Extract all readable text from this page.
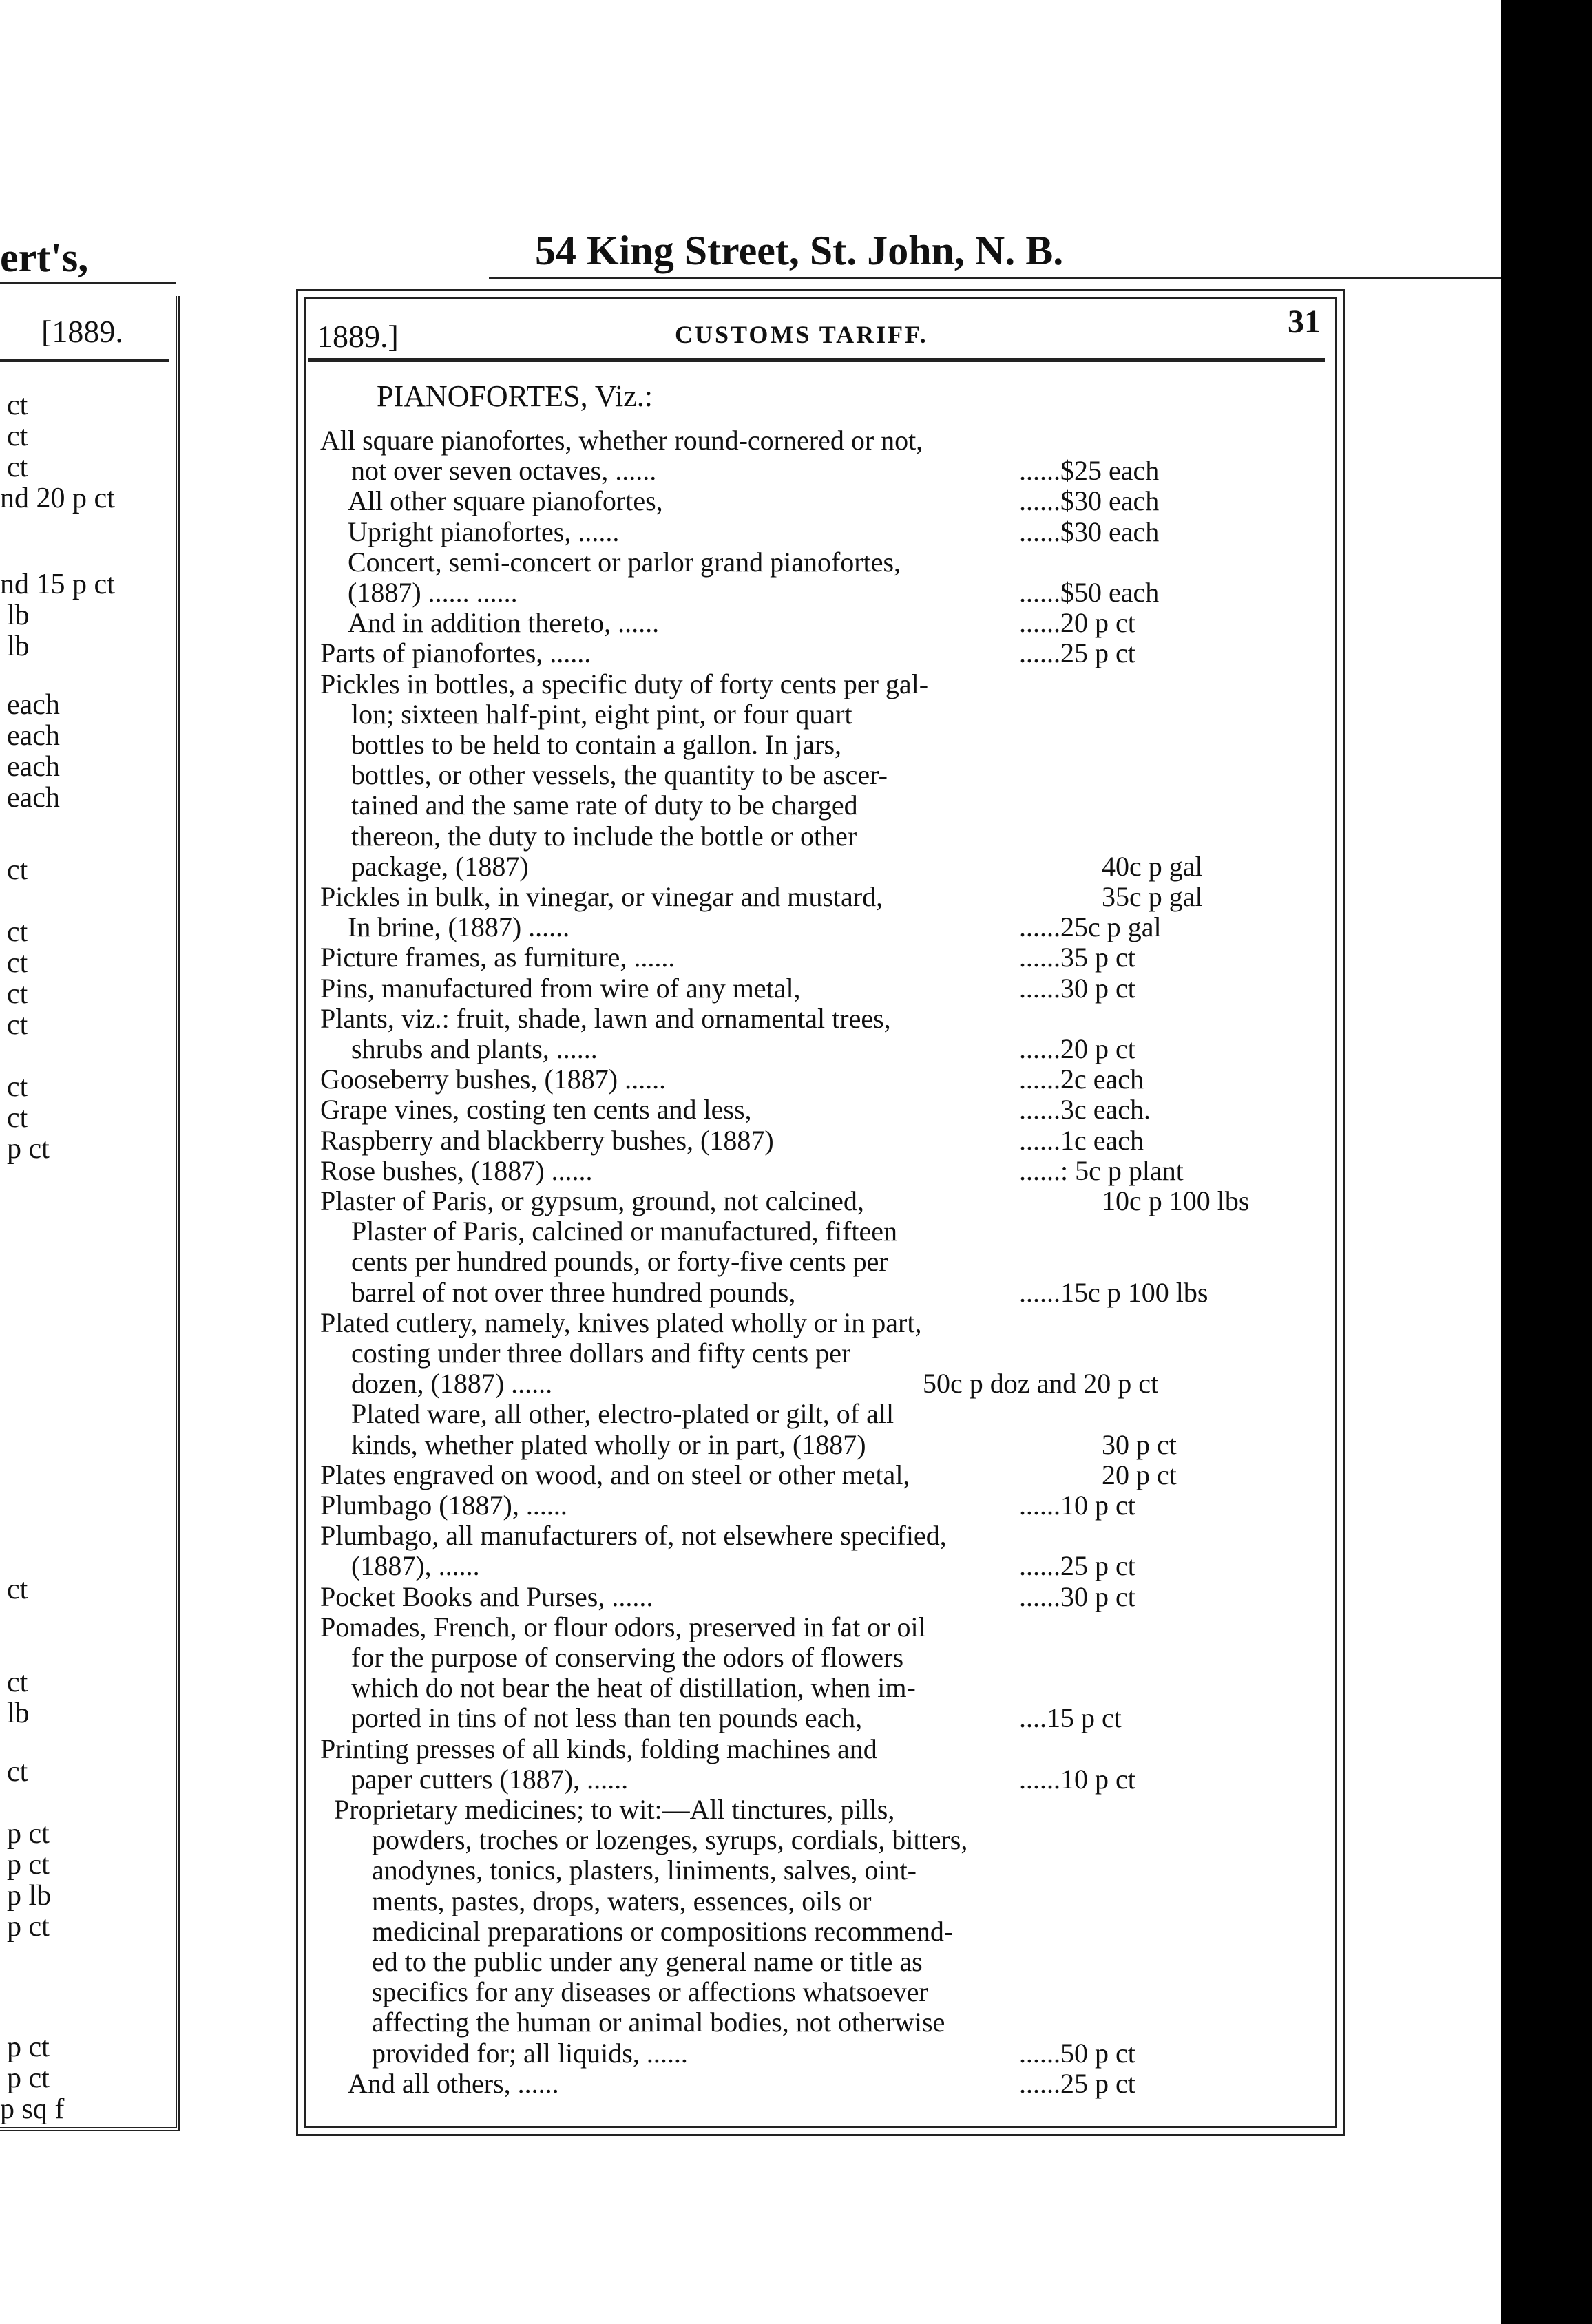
ert's,
[1889.
ct
ct
ct
nd 20 p ct
nd 15 p ct
lb
lb
each
each
each
each
ct
ct
ct
ct
ct
ct
ct
p ct
ct
ct
lb
ct
p ct
p ct
p lb
p ct
p ct
p ct
p sq f
54 King Street, St. John, N. B.
1889.]	CUSTOMS TARIFF.	31
PIANOFORTES, Viz.:
All square pianofortes, whether round-cornered or not,
not over seven octaves, ......	......$25 each
All other square pianofortes,	......$30 each
Upright pianofortes, ......	......$30 each
Concert, semi-concert or parlor grand pianofortes,
(1887) ...... ......	......$50 each
And in addition thereto, ......	......20 p ct
Parts of pianofortes, ......	......25 p ct
Pickles in bottles, a specific duty of forty cents per gal-
lon; sixteen half-pint, eight pint, or four quart
bottles to be held to contain a gallon. In jars,
bottles, or other vessels, the quantity to be ascer-
tained and the same rate of duty to be charged
thereon, the duty to include the bottle or other
package, (1887)	40c p gal
Pickles in bulk, in vinegar, or vinegar and mustard,	35c p gal
In brine, (1887) ......	......25c p gal
Picture frames, as furniture, ......	......35 p ct
Pins, manufactured from wire of any metal,	......30 p ct
Plants, viz.: fruit, shade, lawn and ornamental trees,
shrubs and plants, ......	......20 p ct
Gooseberry bushes, (1887) ......	......2c each
Grape vines, costing ten cents and less,	......3c each.
Raspberry and blackberry bushes, (1887)	......1c each
Rose bushes, (1887) ......	......: 5c p plant
Plaster of Paris, or gypsum, ground, not calcined,	10c p 100 lbs
Plaster of Paris, calcined or manufactured, fifteen
cents per hundred pounds, or forty-five cents per
barrel of not over three hundred pounds,	......15c p 100 lbs
Plated cutlery, namely, knives plated wholly or in part,
costing under three dollars and fifty cents per
dozen, (1887) ......	50c p doz and 20 p ct
Plated ware, all other, electro-plated or gilt, of all
kinds, whether plated wholly or in part, (1887)	30 p ct
Plates engraved on wood, and on steel or other metal,	20 p ct
Plumbago (1887), ......	......10 p ct
Plumbago, all manufacturers of, not elsewhere specified,
(1887), ......	......25 p ct
Pocket Books and Purses, ......	......30 p ct
Pomades, French, or flour odors, preserved in fat or oil
for the purpose of conserving the odors of flowers
which do not bear the heat of distillation, when im-
ported in tins of not less than ten pounds each,	....15 p ct
Printing presses of all kinds, folding machines and
paper cutters (1887), ......	......10 p ct
Proprietary medicines; to wit:—All tinctures, pills,
powders, troches or lozenges, syrups, cordials, bitters,
anodynes, tonics, plasters, liniments, salves, oint-
ments, pastes, drops, waters, essences, oils or
medicinal preparations or compositions recommend-
ed to the public under any general name or title as
specifics for any diseases or affections whatsoever
affecting the human or animal bodies, not otherwise
provided for; all liquids, ......	......50 p ct
And all others, ......	......25 p ct
